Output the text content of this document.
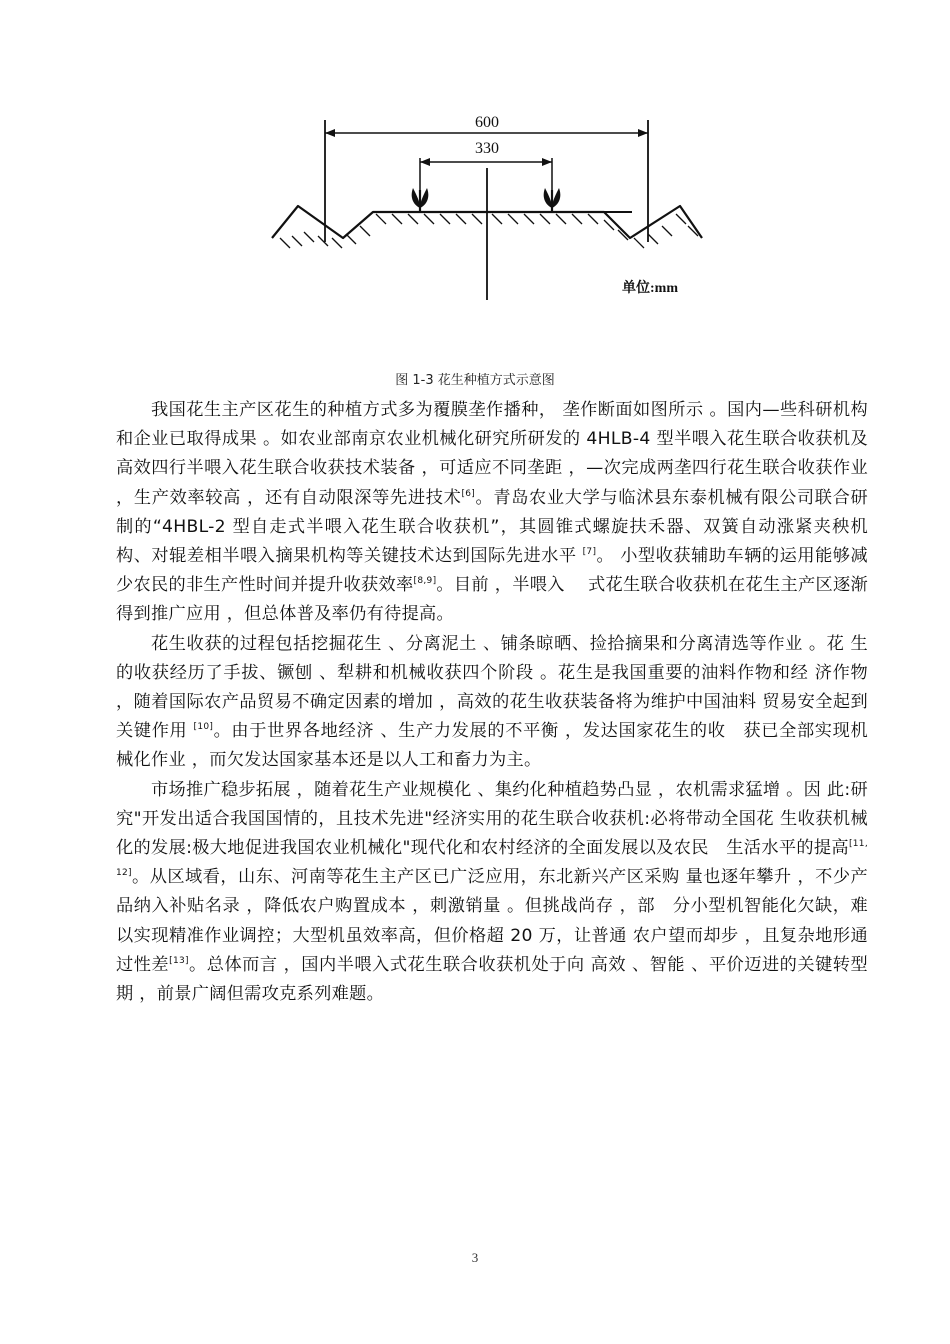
600
330
单位:mm
图 1-3 花生种植方式示意图

我国花生主产区花生的种植方式多为覆膜垄作播种， 垄作断面如图所示 。国内—些科研机构和企业已取得成果 。如农业部南京农业机械化研究所研发的 4HLB-4 型半喂入花生联合收获机及高效四行半喂入花生联合收获技术装备 ，可适应不同垄距 ，—次完成两垄四行花生联合收获作业 ，生产效率较高 ，还有自动限深等先进技术[6]。青岛农业大学与临沭县东泰机械有限公司联合研制的“4HBL-2 型自走式半喂入花生联合收获机”，其圆锥式螺旋扶禾器、双簧自动涨紧夹秧机构、对辊差相半喂入摘果机构等关键技术达到国际先进水平 [7]。 小型收获辅助车辆的运用能够减少农民的非生产性时间并提升收获效率[8,9]。目前 ，半喂入　 式花生联合收获机在花生主产区逐渐得到推广应用 ，但总体普及率仍有待提高。

花生收获的过程包括挖掘花生 、分离泥土 、铺条晾晒、捡拾摘果和分离清选等作业 。花 生的收获经历了手拔、镢刨 、犁耕和机械收获四个阶段 。花生是我国重要的油料作物和经 济作物 ，随着国际农产品贸易不确定因素的增加 ，高效的花生收获装备将为维护中国油料 贸易安全起到关键作用 [10]。由于世界各地经济 、生产力发展的不平衡 ，发达国家花生的收　获已全部实现机械化作业 ，而欠发达国家基本还是以人工和畜力为主。

市场推广稳步拓展 ，随着花生产业规模化 、集约化种植趋势凸显 ，农机需求猛增 。因 此:研究"开发出适合我国国情的，且技术先进"经济实用的花生联合收获机:必将带动全国花 生收获机械化的发展:极大地促进我国农业机械化"现代化和农村经济的全面发展以及农民　生活水平的提高[11, 12]。从区域看，山东、河南等花生主产区已广泛应用，东北新兴产区采购 量也逐年攀升 ，不少产品纳入补贴名录 ，降低农户购置成本 ，刺激销量 。但挑战尚存 ，部　分小型机智能化欠缺，难以实现精准作业调控；大型机虽效率高，但价格超 20 万，让普通 农户望而却步 ，且复杂地形通过性差[13]。总体而言 ，国内半喂入式花生联合收获机处于向 高效 、智能 、平价迈进的关键转型期 ，前景广阔但需攻克系列难题。

3
